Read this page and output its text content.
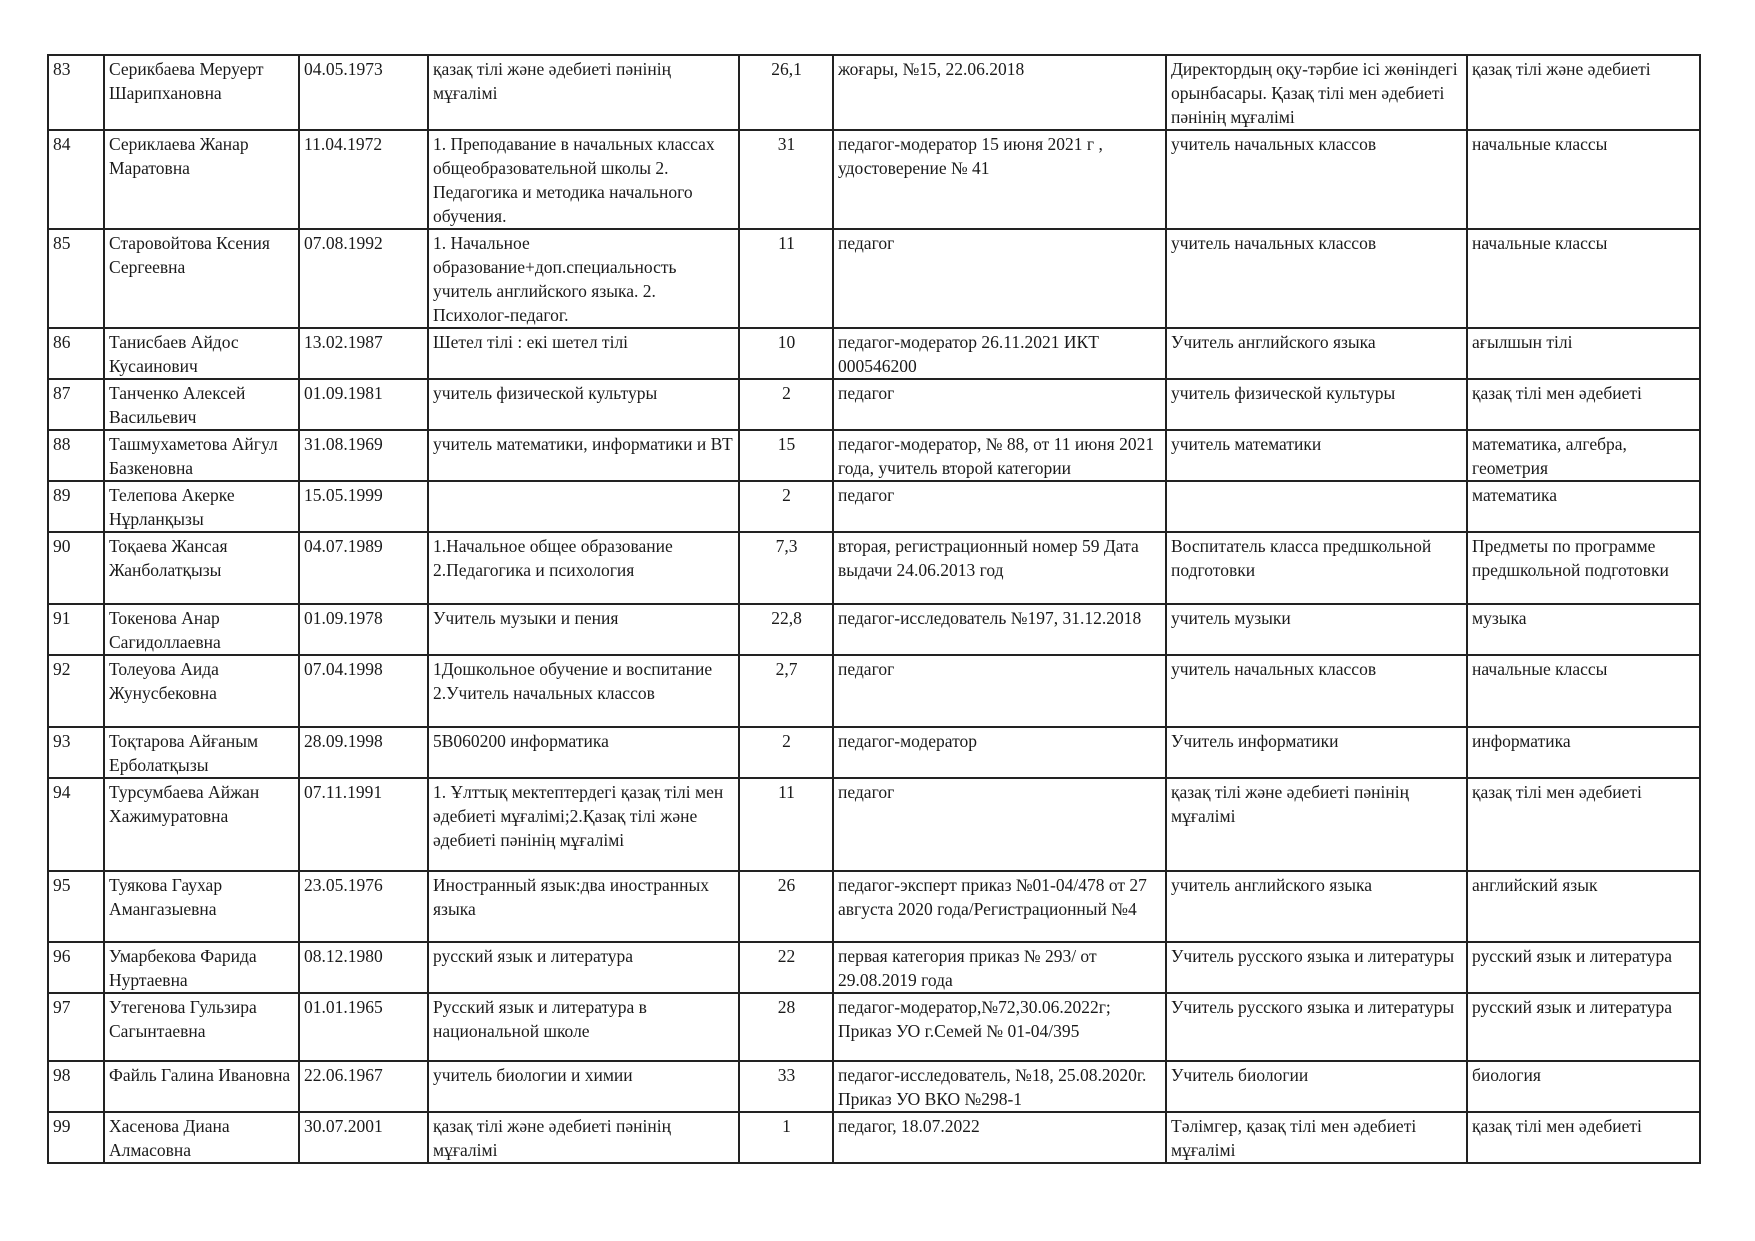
83	Серикбаева Меруерт Шарипхановна	04.05.1973	қазақ тілі және әдебиеті пәнінің мұғалімі	26,1	жоғары, №15, 22.06.2018	Директордың оқу-тәрбие ісі жөніндегі орынбасары. Қазақ тілі мен әдебиеті пәнінің мұғалімі	қазақ тілі және әдебиеті
84	Сериклаева Жанар Маратовна	11.04.1972	1. Преподавание в начальных классах общеобразовательной школы 2. Педагогика и методика начального обучения.	31	педагог-модератор 15 июня 2021 г , удостоверение № 41	учитель начальных классов	начальные классы
85	Старовойтова Ксения Сергеевна	07.08.1992	1. Начальное образование+доп.специальность учитель английского языка. 2. Психолог-педагог.	11	педагог	учитель начальных классов	начальные классы
86	Танисбаев Айдос Кусаинович	13.02.1987	Шетел тілі : екі шетел тілі	10	педагог-модератор 26.11.2021 ИКТ 000546200	Учитель английского языка	ағылшын тілі
87	Танченко Алексей Васильевич	01.09.1981	учитель физической культуры	2	педагог	учитель физической культуры	қазақ тілі мен әдебиеті
88	Ташмухаметова Айгул Базкеновна	31.08.1969	учитель математики, информатики и ВТ	15	педагог-модератор, № 88, от 11 июня 2021 года, учитель второй категории	учитель математики	математика, алгебра, геометрия
89	Телепова Акерке Нұрланқызы	15.05.1999		2	педагог		математика
90	Тоқаева Жансая Жанболатқызы	04.07.1989	1.Начальное общее образование 2.Педагогика и психология	7,3	вторая, регистрационный номер 59 Дата выдачи 24.06.2013 год	Воспитатель класса предшкольной подготовки	Предметы по программе предшкольной подготовки
91	Токенова Анар Сагидоллаевна	01.09.1978	Учитель музыки и пения	22,8	педагог-исследователь №197, 31.12.2018	учитель музыки	музыка
92	Толеуова Аида Жунусбековна	07.04.1998	1Дошкольное обучение и воспитание 2.Учитель начальных классов	2,7	педагог	учитель начальных классов	начальные классы
93	Тоқтарова Айғаным Ерболатқызы	28.09.1998	5В060200 информатика	2	педагог-модератор	Учитель информатики	информатика
94	Турсумбаева Айжан Хажимуратовна	07.11.1991	1. Ұлттық мектептердегі қазақ тілі мен әдебиеті мұғалімі;2.Қазақ тілі және әдебиеті пәнінің мұғалімі	11	педагог	қазақ тілі және әдебиеті пәнінің мұғалімі	қазақ тілі мен әдебиеті
95	Туякова Гаухар Амангазыевна	23.05.1976	Иностранный язык:два иностранных языка	26	педагог-эксперт приказ №01-04/478 от 27 августа 2020 года/Регистрационный №4	учитель английского языка	английский язык
96	Умарбекова Фарида Нуртаевна	08.12.1980	русский язык и литература	22	первая категория приказ № 293/ от 29.08.2019 года	Учитель русского языка и литературы	русский язык и литература
97	Утегенова Гульзира Сагынтаевна	01.01.1965	Русский язык и литература в национальной школе	28	педагог-модератор,№72,30.06.2022г; Приказ УО г.Семей № 01-04/395	Учитель русского языка и литературы	русский язык и литература
98	Файль Галина Ивановна	22.06.1967	учитель биологии и химии	33	педагог-исследователь, №18, 25.08.2020г. Приказ УО ВКО №298-1	Учитель биологии	биология
99	Хасенова Диана Алмасовна	30.07.2001	қазақ тілі және әдебиеті пәнінің мұғалімі	1	педагог, 18.07.2022	Тәлімгер, қазақ тілі мен әдебиеті мұғалімі	қазақ тілі мен әдебиеті
